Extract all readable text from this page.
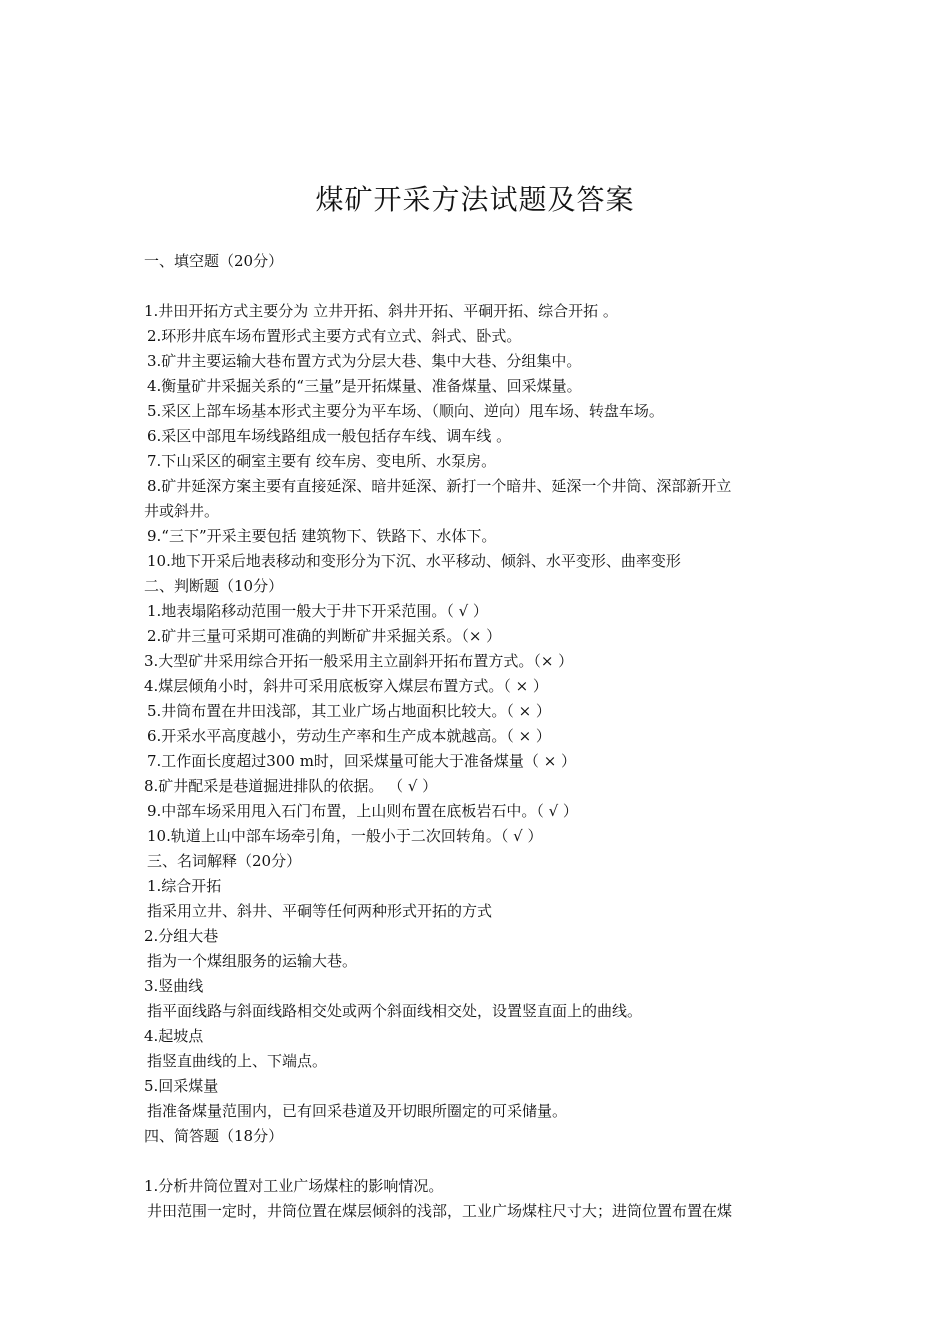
煤矿开采方法试题及答案
一、填空题（20分）
1.井田开拓方式主要分为 立井开拓、斜井开拓、平硐开拓、综合开拓 。
2.环形井底车场布置形式主要方式有立式、斜式、卧式。
3.矿井主要运输大巷布置方式为分层大巷、集中大巷、分组集中。
4.衡量矿井采掘关系的“三量”是开拓煤量、准备煤量、回采煤量。
5.采区上部车场基本形式主要分为平车场、（顺向、逆向）甩车场、转盘车场。
6.采区中部甩车场线路组成一般包括存车线、调车线 。
7.下山采区的硐室主要有 绞车房、变电所、水泵房。
8.矿井延深方案主要有直接延深、暗井延深、新打一个暗井、延深一个井筒、深部新开立
井或斜井。
9.“三下”开采主要包括 建筑物下、铁路下、水体下。
10.地下开采后地表移动和变形分为下沉、水平移动、倾斜、水平变形、曲率变形
二、判断题（10分）
1.地表塌陷移动范围一般大于井下开采范围。（ √ ）
2.矿井三量可采期可准确的判断矿井采掘关系。（× ）
3.大型矿井采用综合开拓一般采用主立副斜开拓布置方式。（× ）
4.煤层倾角小时，斜井可采用底板穿入煤层布置方式。（ × ）
5.井筒布置在井田浅部，其工业广场占地面积比较大。（ × ）
6.开采水平高度越小，劳动生产率和生产成本就越高。（ × ）
7.工作面长度超过300 m时，回采煤量可能大于准备煤量（ × ）
8.矿井配采是巷道掘进排队的依据。 （ √ ）
9.中部车场采用甩入石门布置，上山则布置在底板岩石中。（ √ ）
10.轨道上山中部车场牵引角，一般小于二次回转角。（ √ ）
三、名词解释（20分）
1.综合开拓
指采用立井、斜井、平硐等任何两种形式开拓的方式
2.分组大巷
指为一个煤组服务的运输大巷。
3.竖曲线
指平面线路与斜面线路相交处或两个斜面线相交处，设置竖直面上的曲线。
4.起坡点
指竖直曲线的上、下端点。
5.回采煤量
指准备煤量范围内，已有回采巷道及开切眼所圈定的可采储量。
四、简答题（18分）
1.分析井筒位置对工业广场煤柱的影响情况。
井田范围一定时，井筒位置在煤层倾斜的浅部，工业广场煤柱尺寸大；进筒位置布置在煤
